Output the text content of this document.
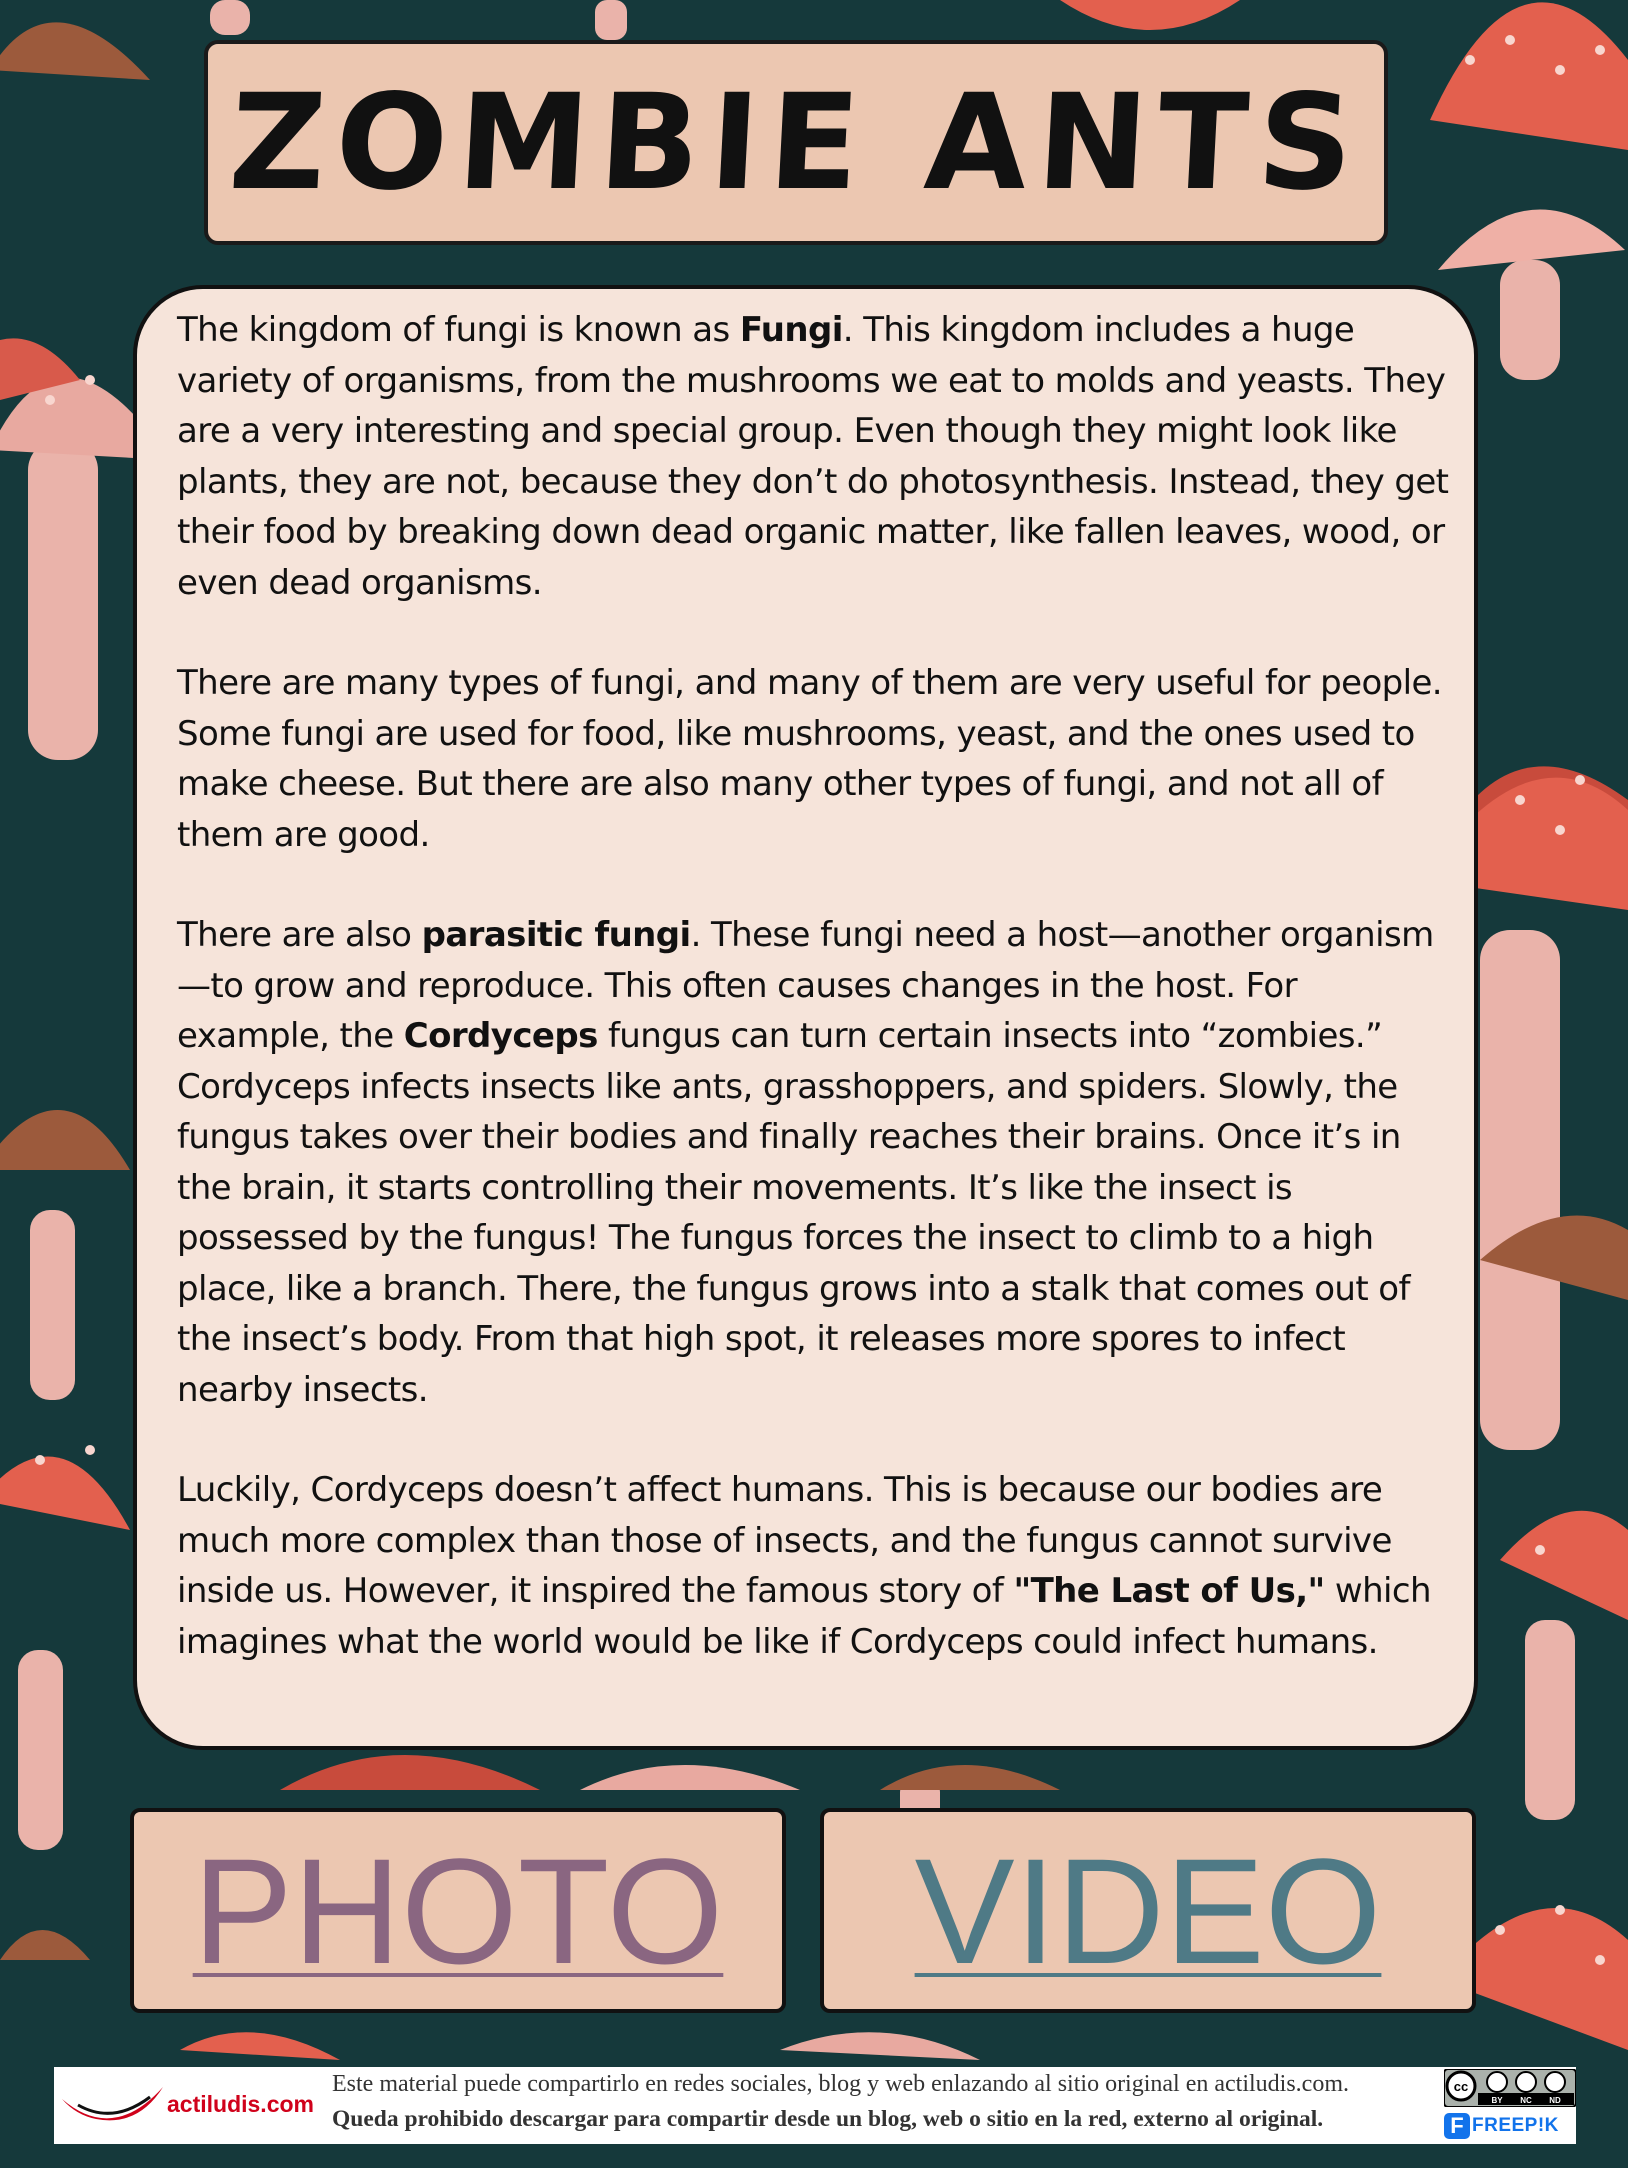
ZOMBIE ANTS

The kingdom of fungi is known as Fungi. This kingdom includes a huge variety of organisms, from the mushrooms we eat to molds and yeasts. They are a very interesting and special group. Even though they might look like plants, they are not, because they don’t do photosynthesis. Instead, they get their food by breaking down dead organic matter, like fallen leaves, wood, or even dead organisms.

There are many types of fungi, and many of them are very useful for people. Some fungi are used for food, like mushrooms, yeast, and the ones used to make cheese. But there are also many other types of fungi, and not all of them are good.

There are also parasitic fungi. These fungi need a host—another organism—to grow and reproduce. This often causes changes in the host. For example, the Cordyceps fungus can turn certain insects into “zombies.” Cordyceps infects insects like ants, grasshoppers, and spiders. Slowly, the fungus takes over their bodies and finally reaches their brains. Once it’s in the brain, it starts controlling their movements. It’s like the insect is possessed by the fungus! The fungus forces the insect to climb to a high place, like a branch. There, the fungus grows into a stalk that comes out of the insect’s body. From that high spot, it releases more spores to infect nearby insects.

Luckily, Cordyceps doesn’t affect humans. This is because our bodies are much more complex than those of insects, and the fungus cannot survive inside us. However, it inspired the famous story of "The Last of Us," which imagines what the world would be like if Cordyceps could infect humans.

PHOTO VIDEO
actiludis.com
Este material puede compartirlo en redes sociales, blog y web enlazando al sitio original en actiludis.com.
Queda prohibido descargar para compartir desde un blog, web o sitio en la red, externo al original.
cc
BY NC ND
F FREEP!K
